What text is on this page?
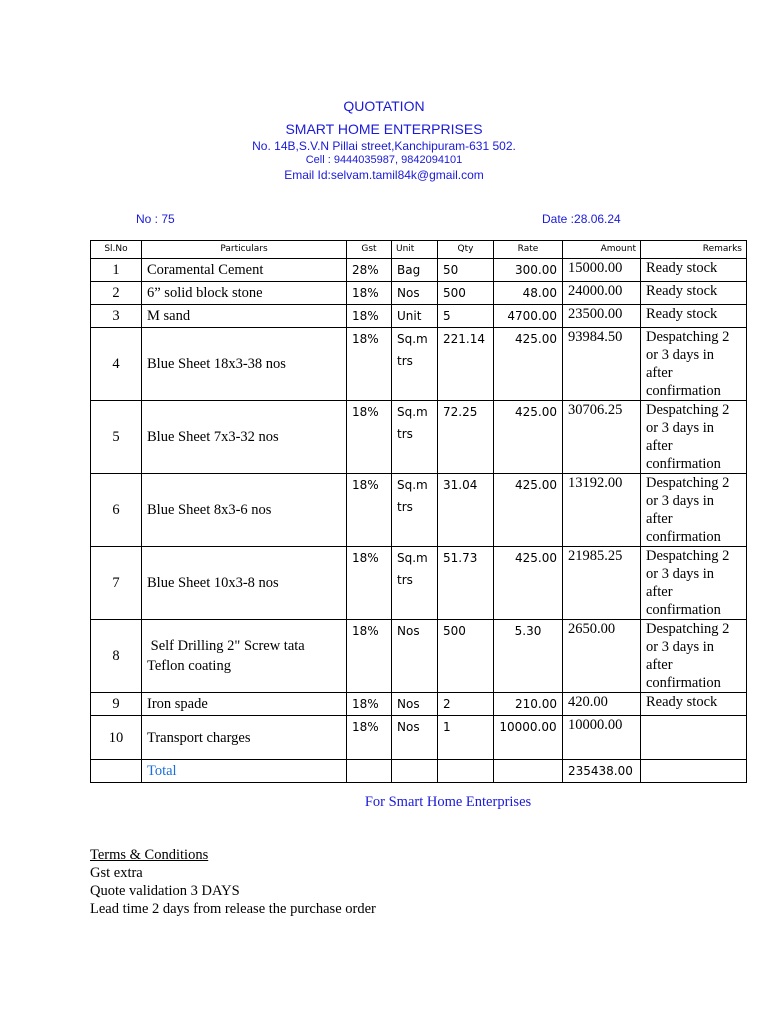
QUOTATION
SMART HOME ENTERPRISES
No. 14B,S.V.N Pillai street,Kanchipuram-631 502.
Cell : 9444035987, 9842094101
Email Id:selvam.tamil84k@gmail.com
No : 75	Date :28.06.24
Sl.No	Particulars	Gst	Unit	Qty	Rate	Amount	Remarks
1	Coramental Cement	28%	Bag	50	300.00	15000.00	Ready stock
2	6” solid block stone	18%	Nos	500	48.00	24000.00	Ready stock
3	M sand	18%	Unit	5	4700.00	23500.00	Ready stock
4	Blue Sheet 18x3-38 nos	18%	Sq.m trs	221.14	425.00	93984.50	Despatching 2 or 3 days in after confirmation
5	Blue Sheet 7x3-32 nos	18%	Sq.m trs	72.25	425.00	30706.25	Despatching 2 or 3 days in after confirmation
6	Blue Sheet 8x3-6 nos	18%	Sq.m trs	31.04	425.00	13192.00	Despatching 2 or 3 days in after confirmation
7	Blue Sheet 10x3-8 nos	18%	Sq.m trs	51.73	425.00	21985.25	Despatching 2 or 3 days in after confirmation
8	Self Drilling 2" Screw tata Teflon coating	18%	Nos	500	5.30	2650.00	Despatching 2 or 3 days in after confirmation
9	Iron spade	18%	Nos	2	210.00	420.00	Ready stock
10	Transport charges	18%	Nos	1	10000.00	10000.00	
	Total					235438.00	
For Smart Home Enterprises
Terms & Conditions
Gst extra
Quote validation 3 DAYS
Lead time 2 days from release the purchase order
